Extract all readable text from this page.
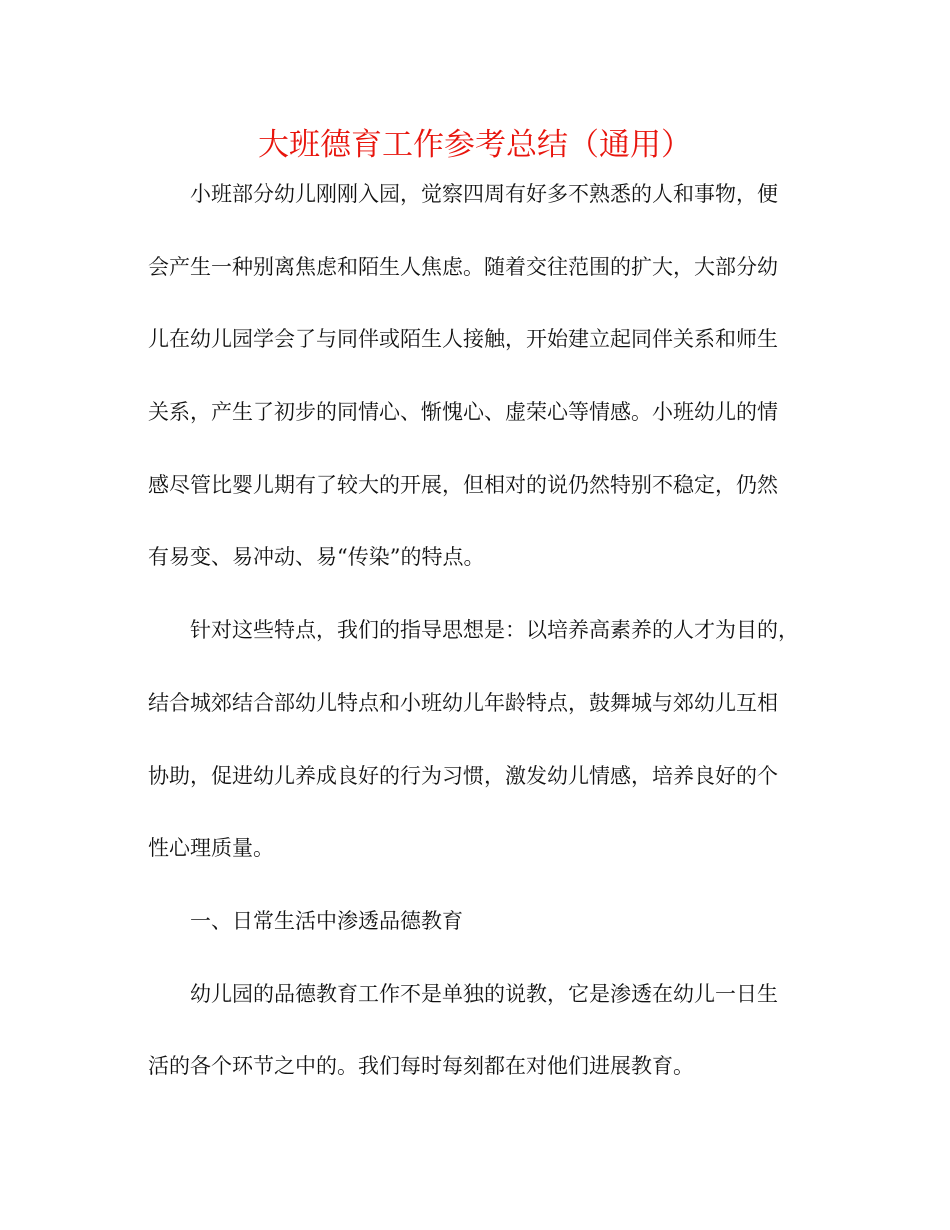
大班德育工作参考总结（通用）
小班部分幼儿刚刚入园，觉察四周有好多不熟悉的人和事物，便
会产生一种别离焦虑和陌生人焦虑。随着交往范围的扩大，大部分幼
儿在幼儿园学会了与同伴或陌生人接触，开始建立起同伴关系和师生
关系，产生了初步的同情心、惭愧心、虚荣心等情感。小班幼儿的情
感尽管比婴儿期有了较大的开展，但相对的说仍然特别不稳定，仍然
有易变、易冲动、易“传染”的特点。
针对这些特点，我们的指导思想是：以培养高素养的人才为目的，
结合城郊结合部幼儿特点和小班幼儿年龄特点，鼓舞城与郊幼儿互相
协助，促进幼儿养成良好的行为习惯，激发幼儿情感，培养良好的个
性心理质量。
一、日常生活中渗透品德教育
幼儿园的品德教育工作不是单独的说教，它是渗透在幼儿一日生
活的各个环节之中的。我们每时每刻都在对他们进展教育。
